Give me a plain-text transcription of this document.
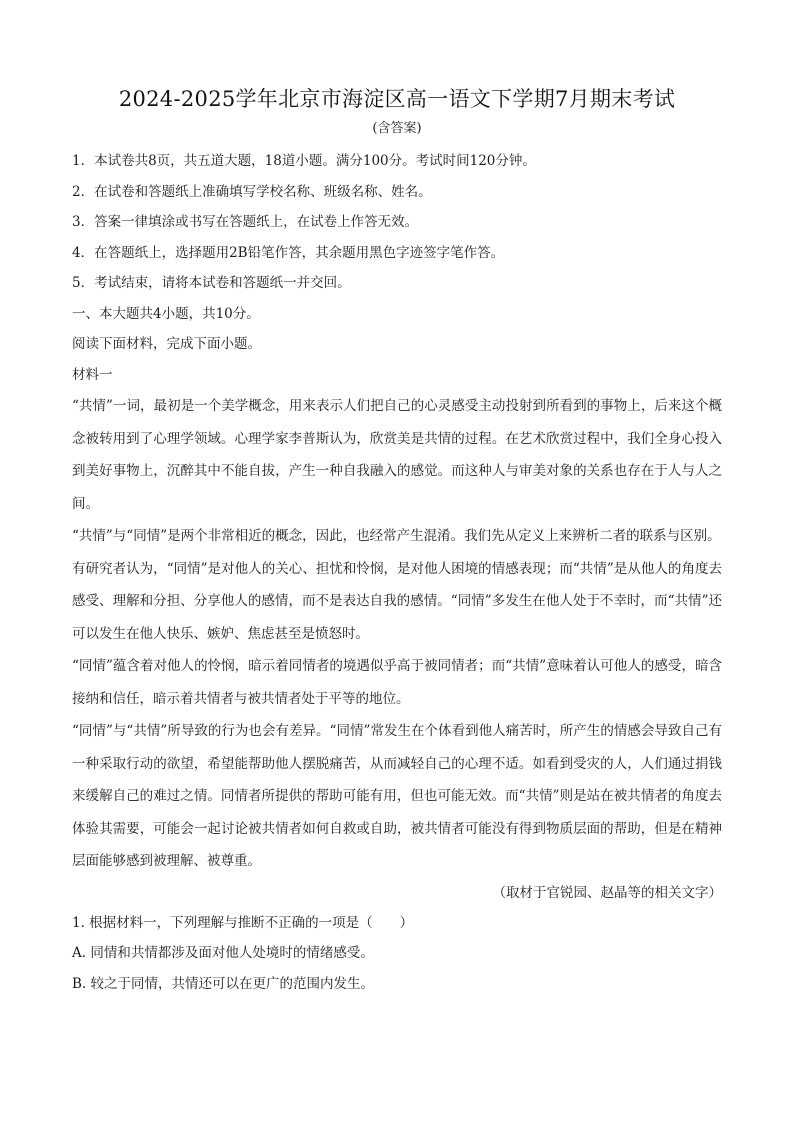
2024-2025学年北京市海淀区高一语文下学期7月期末考试

(含答案)

1．本试卷共8页，共五道大题，18道小题。满分100分。考试时间120分钟。

2．在试卷和答题纸上准确填写学校名称、班级名称、姓名。

3．答案一律填涂或书写在答题纸上，在试卷上作答无效。

4．在答题纸上，选择题用2B铅笔作答，其余题用黑色字迹签字笔作答。

5．考试结束，请将本试卷和答题纸一并交回。

一、本大题共4小题，共10分。

阅读下面材料，完成下面小题。

材料一

“共情”一词，最初是一个美学概念，用来表示人们把自己的心灵感受主动投射到所看到的事物上，后来这个概念被转用到了心理学领域。心理学家李普斯认为，欣赏美是共情的过程。在艺术欣赏过程中，我们全身心投入到美好事物上，沉醉其中不能自拔，产生一种自我融入的感觉。而这种人与审美对象的关系也存在于人与人之间。

“共情”与“同情”是两个非常相近的概念，因此，也经常产生混淆。我们先从定义上来辨析二者的联系与区别。

有研究者认为，“同情”是对他人的关心、担忧和怜悯，是对他人困境的情感表现；而“共情”是从他人的角度去感受、理解和分担、分享他人的感情，而不是表达自我的感情。“同情”多发生在他人处于不幸时，而“共情”还可以发生在他人快乐、嫉妒、焦虑甚至是愤怒时。

“同情”蕴含着对他人的怜悯，暗示着同情者的境遇似乎高于被同情者；而“共情”意味着认可他人的感受，暗含接纳和信任，暗示着共情者与被共情者处于平等的地位。

“同情”与“共情”所导致的行为也会有差异。“同情”常发生在个体看到他人痛苦时，所产生的情感会导致自己有一种采取行动的欲望，希望能帮助他人摆脱痛苦，从而减轻自己的心理不适。如看到受灾的人，人们通过捐钱来缓解自己的难过之情。同情者所提供的帮助可能有用，但也可能无效。而“共情”则是站在被共情者的角度去体验其需要，可能会一起讨论被共情者如何自救或自助，被共情者可能没有得到物质层面的帮助，但是在精神层面能够感到被理解、被尊重。

（取材于官锐园、赵晶等的相关文字）

1. 根据材料一，下列理解与推断不正确的一项是（　　）

A. 同情和共情都涉及面对他人处境时的情绪感受。

B. 较之于同情，共情还可以在更广的范围内发生。
